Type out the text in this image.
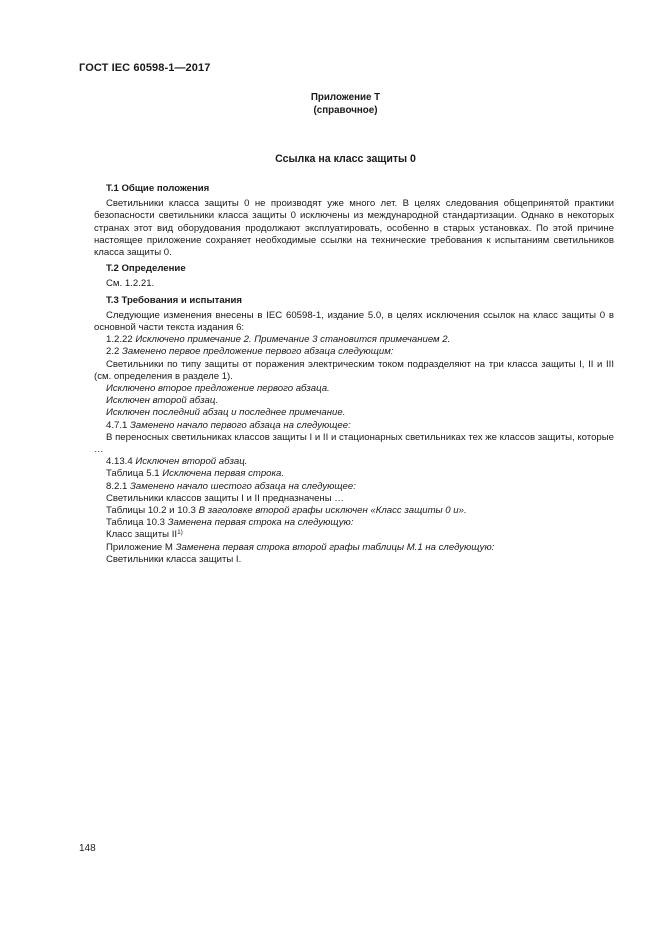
ГОСТ IEC 60598-1—2017
Приложение Т
(справочное)
Ссылка на класс защиты 0
Т.1 Общие положения

Светильники класса защиты 0 не производят уже много лет. В целях следования общепринятой практики безопасности светильники класса защиты 0 исключены из международной стандартизации. Однако в некоторых странах этот вид оборудования продолжают эксплуатировать, особенно в старых установках. По этой причине настоящее приложение сохраняет необходимые ссылки на технические требования к испытаниям светильников класса защиты 0.

Т.2 Определение

См. 1.2.21.

Т.3 Требования и испытания

Следующие изменения внесены в IEC 60598-1, издание 5.0, в целях исключения ссылок на класс защиты 0 в основной части текста издания 6:

1.2.22 Исключено примечание 2. Примечание 3 становится примечанием 2.

2.2 Заменено первое предложение первого абзаца следующим:

Светильники по типу защиты от поражения электрическим током подразделяют на три класса защиты I, II и III (см. определения в разделе 1).

Исключено второе предложение первого абзаца.

Исключен второй абзац.

Исключен последний абзац и последнее примечание.

4.7.1 Заменено начало первого абзаца на следующее:

В переносных светильниках классов защиты I и II и стационарных светильниках тех же классов защиты, которые …

4.13.4 Исключен второй абзац.

Таблица 5.1 Исключена первая строка.

8.2.1 Заменено начало шестого абзаца на следующее:

Светильники классов защиты I и II предназначены …

Таблицы 10.2 и 10.3 В заголовке второй графы исключен «Класс защиты 0 и».

Таблица 10.3 Заменена первая строка на следующую:

Класс защиты II$^{1)}$

Приложение М Заменена первая строка второй графы таблицы М.1 на следующую:

Светильники класса защиты I.

148
